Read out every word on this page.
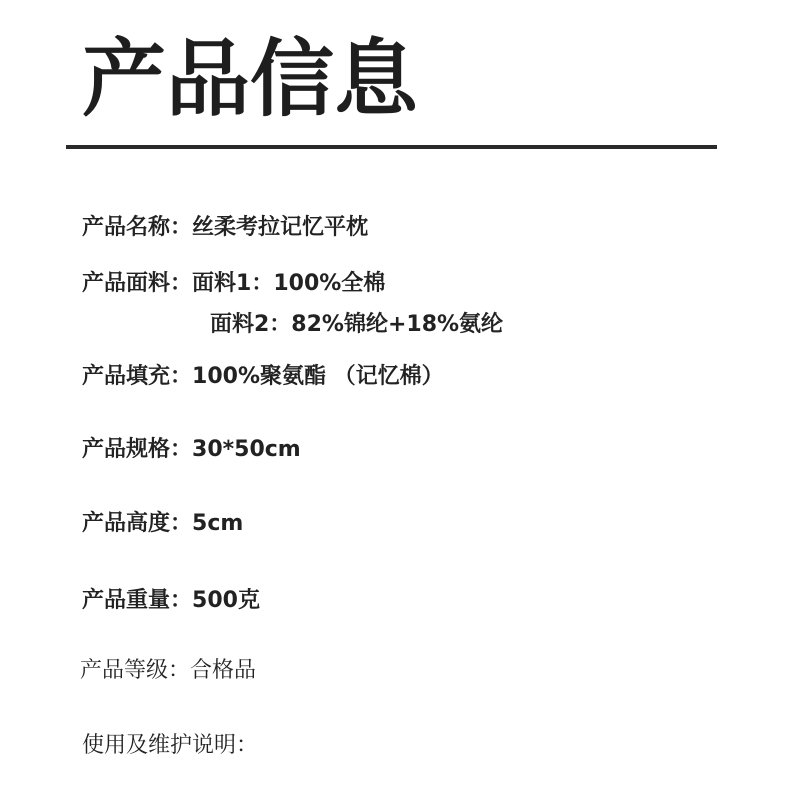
产品信息
产品名称：丝柔考拉记忆平枕
产品面料：面料1：100%全棉
面料2：82%锦纶+18%氨纶
产品填充：100%聚氨酯 （记忆棉）
产品规格：30*50cm
产品高度：5cm
产品重量：500克
产品等级：合格品
使用及维护说明：
